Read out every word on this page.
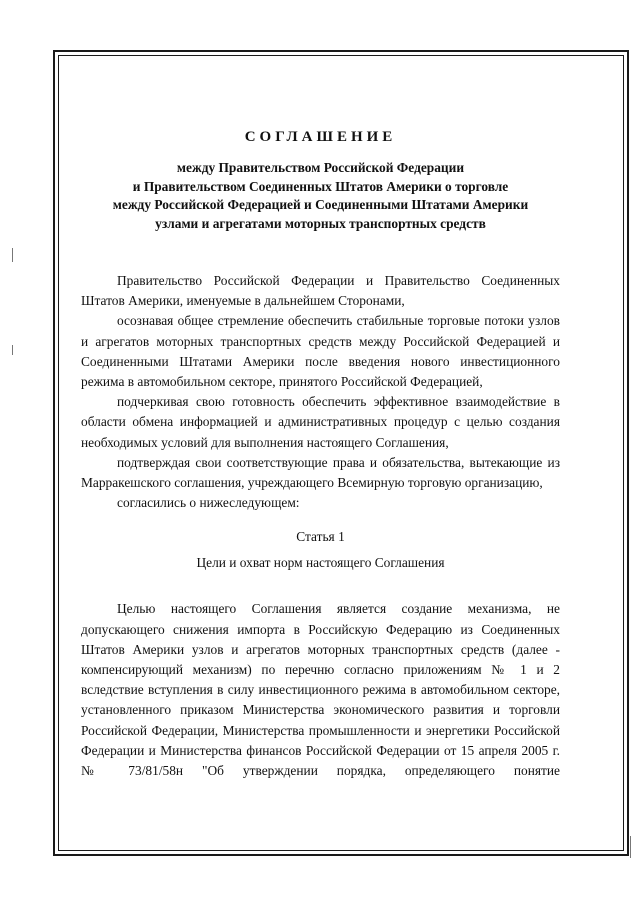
СОГЛАШЕНИЕ
между Правительством Российской Федерации
и Правительством Соединенных Штатов Америки о торговле
между Российской Федерацией и Соединенными Штатами Америки
узлами и агрегатами моторных транспортных средств

Правительство Российской Федерации и Правительство Соединенных Штатов Америки, именуемые в дальнейшем Сторонами,

осознавая общее стремление обеспечить стабильные торговые потоки узлов и агрегатов моторных транспортных средств между Российской Федерацией и Соединенными Штатами Америки после введения нового инвестиционного режима в автомобильном секторе, принятого Российской Федерацией,

подчеркивая свою готовность обеспечить эффективное взаимодействие в области обмена информацией и административных процедур с целью создания необходимых условий для выполнения настоящего Соглашения,

подтверждая свои соответствующие права и обязательства, вытекающие из Марракешского соглашения, учреждающего Всемирную торговую организацию,

согласились о нижеследующем:

Статья 1
Цели и охват норм настоящего Соглашения

Целью настоящего Соглашения является создание механизма, не допускающего снижения импорта в Российскую Федерацию из Соединенных Штатов Америки узлов и агрегатов моторных транспортных средств (далее - компенсирующий механизм) по перечню согласно приложениям № 1 и 2 вследствие вступления в силу инвестиционного режима в автомобильном секторе, установленного приказом Министерства экономического развития и торговли Российской Федерации, Министерства промышленности и энергетики Российской Федерации и Министерства финансов Российской Федерации от 15 апреля 2005 г. № 73/81/58н "Об утверждении порядка, определяющего понятие
